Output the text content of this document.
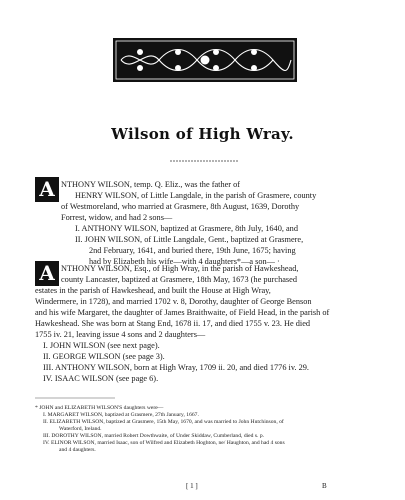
Wilson of High Wray.
A NTHONY WILSON, temp. Q. Eliz., was the father of
HENRY WILSON, of Little Langdale, in the parish of Grasmere, county
of Westmoreland, who married at Grasmere, 8th August, 1639, Dorothy
Forrest, widow, and had 2 sons—
I. ANTHONY WILSON, baptized at Grasmere, 8th July, 1640, and
II. JOHN WILSON, of Little Langdale, Gent., baptized at Grasmere,
2nd February, 1641, and buried there, 19th June, 1675; having
had by Elizabeth his wife—with 4 daughters*—a son— ·
A NTHONY WILSON, Esq., of High Wray, in the parish of Hawkeshead,
county Lancaster, baptized at Grasmere, 18th May, 1673 (he purchased
estates in the parish of Hawkeshead, and built the House at High Wray,
Windermere, in 1728), and married 1702 v. 8, Dorothy, daughter of George Benson
and his wife Margaret, the daughter of James Braithwaite, of Field Head, in the parish of
Hawkeshead. She was born at Stang End, 1678 ii. 17, and died 1755 v. 23. He died
1755 iv. 21, leaving issue 4 sons and 2 daughters—
I. JOHN WILSON (see next page).
II. GEORGE WILSON (see page 3).
III. ANTHONY WILSON, born at High Wray, 1709 ii. 20, and died 1776 iv. 29.
IV. ISAAC WILSON (see page 6).
* JOHN and ELIZABETH WILSON'S daughters were—
I. MARGARET WILSON, baptized at Grasmere, 27th January, 1667.
II. ELIZABETH WILSON, baptized at Grasmere, 15th May, 1670, and was married to John Hutchinson, of
Waterford, Ireland.
III. DOROTHY WILSON, married Robert Dowthwaite, of Under Skiddaw, Cumberland, died s. p.
IV. ELINOR WILSON, married Isaac, son of Wilfred and Elizabeth Hoghton, ne/ Haughton, and had 4 sons
and 4 daughters.
[ 1 ]	B
